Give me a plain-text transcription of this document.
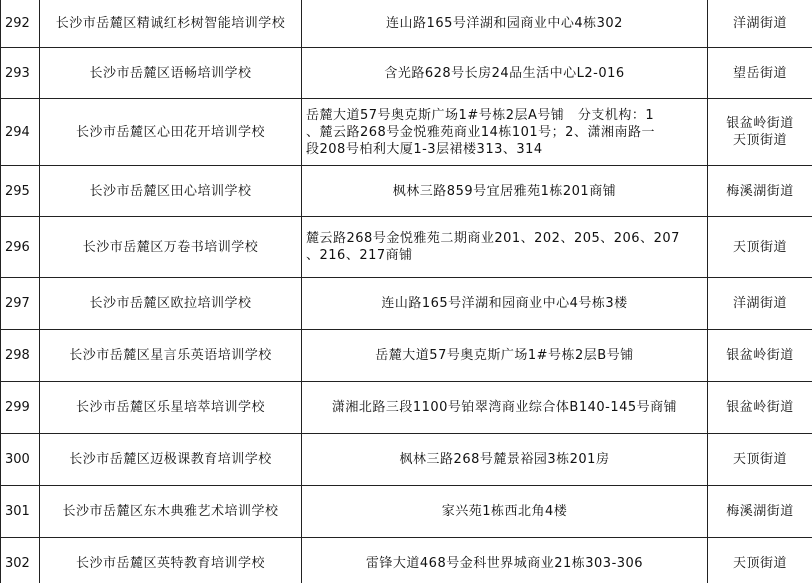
292	长沙市岳麓区精诚红杉树智能培训学校	连山路165号洋湖和园商业中心4栋302	洋湖街道
293	长沙市岳麓区语畅培训学校	含光路628号长房24品生活中心L2-016	望岳街道
294	长沙市岳麓区心田花开培训学校	岳麓大道57号奥克斯广场1#号栋2层A号铺　分支机构：1
、麓云路268号金悦雅苑商业14栋101号；2、潇湘南路一
段208号柏利大厦1-3层裙楼313、314	银盆岭街道
天顶街道
295	长沙市岳麓区田心培训学校	枫林三路859号宜居雅苑1栋201商铺	梅溪湖街道
296	长沙市岳麓区万卷书培训学校	麓云路268号金悦雅苑二期商业201、202、205、206、207
、216、217商铺	天顶街道
297	长沙市岳麓区欧拉培训学校	连山路165号洋湖和园商业中心4号栋3楼	洋湖街道
298	长沙市岳麓区星言乐英语培训学校	岳麓大道57号奥克斯广场1#号栋2层B号铺	银盆岭街道
299	长沙市岳麓区乐星培萃培训学校	潇湘北路三段1100号铂翠湾商业综合体B140-145号商铺	银盆岭街道
300	长沙市岳麓区迈极课教育培训学校	枫林三路268号麓景裕园3栋201房	天顶街道
301	长沙市岳麓区东木典雅艺术培训学校	家兴苑1栋西北角4楼	梅溪湖街道
302	长沙市岳麓区英特教育培训学校	雷锋大道468号金科世界城商业21栋303-306	天顶街道
